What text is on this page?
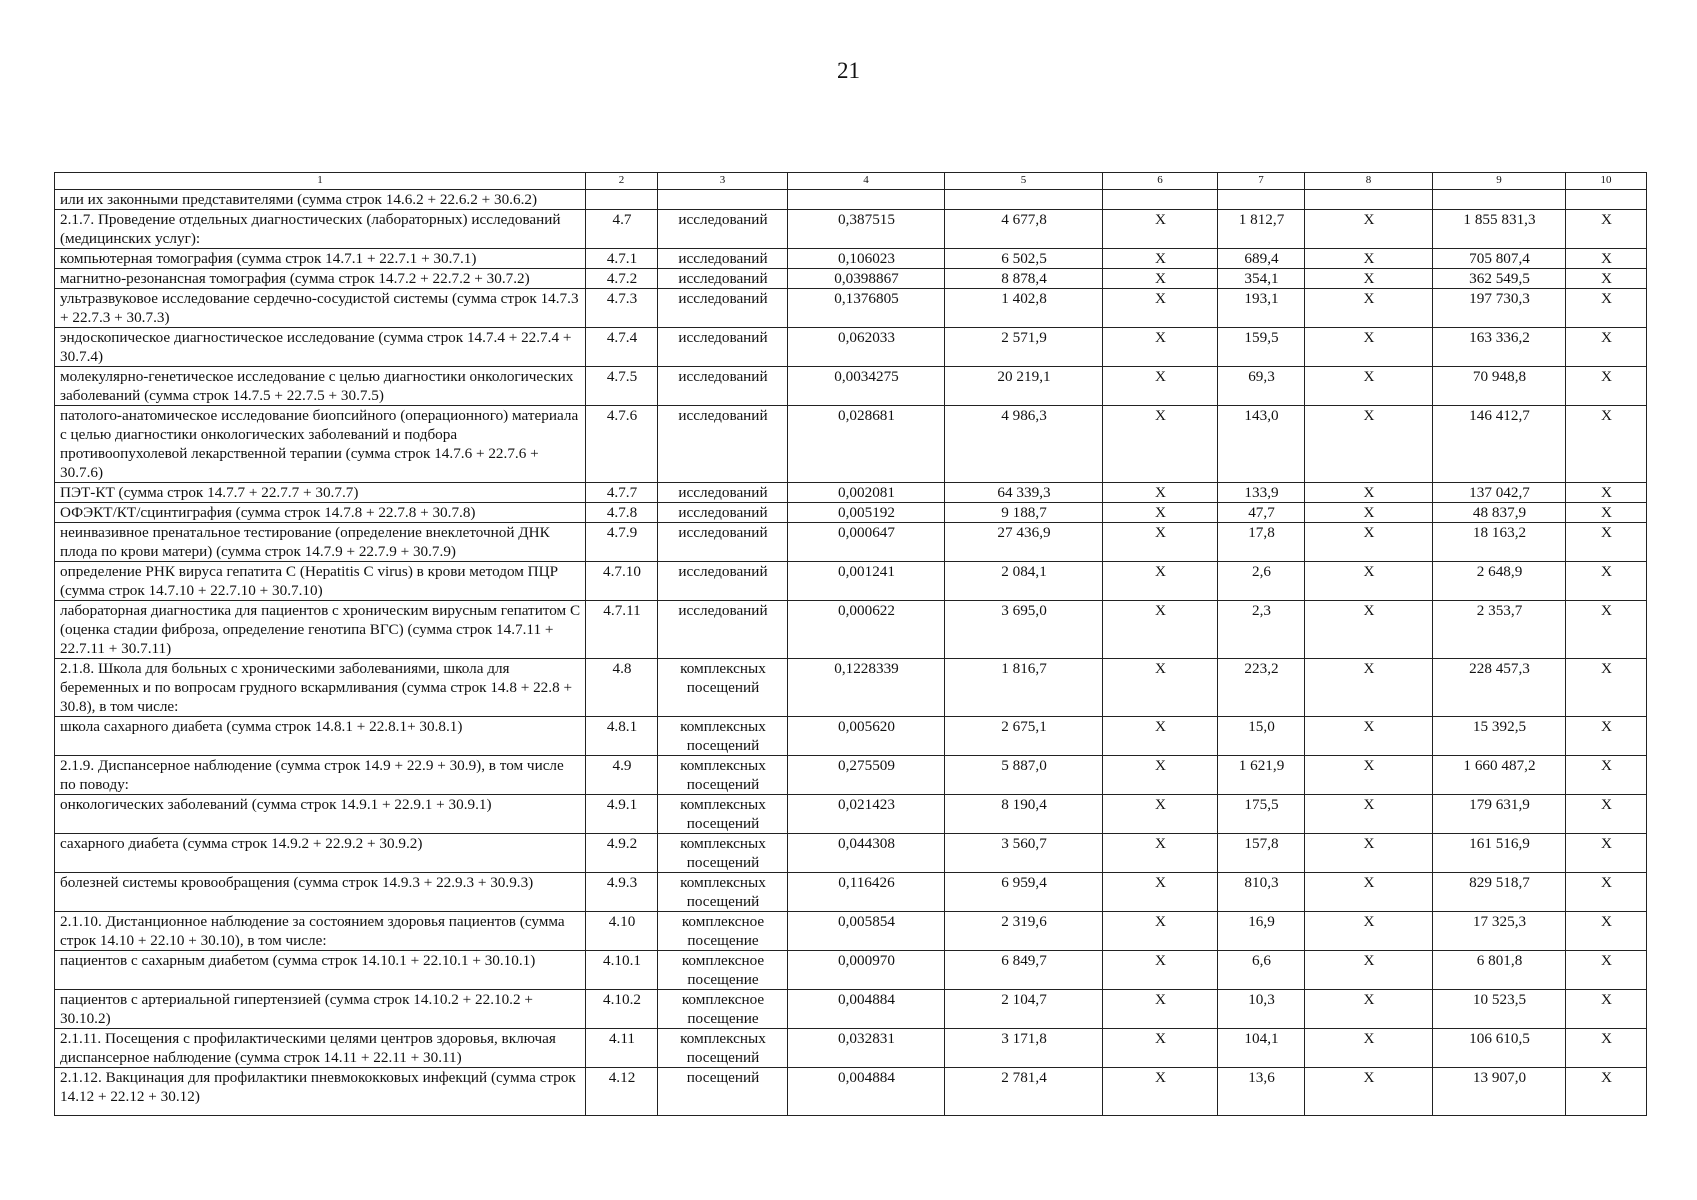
21
1	2	3	4	5	6	7	8	9	10
или их законными представителями (сумма строк 14.6.2 + 22.6.2 + 30.6.2)									
2.1.7. Проведение отдельных диагностических (лабораторных) исследований (медицинских услуг):	4.7	исследований	0,387515	4 677,8	Х	1 812,7	Х	1 855 831,3	Х
компьютерная томография (сумма строк 14.7.1 + 22.7.1 + 30.7.1)	4.7.1	исследований	0,106023	6 502,5	Х	689,4	Х	705 807,4	Х
магнитно-резонансная томография (сумма строк 14.7.2 + 22.7.2 + 30.7.2)	4.7.2	исследований	0,0398867	8 878,4	Х	354,1	Х	362 549,5	Х
ультразвуковое исследование сердечно-сосудистой системы (сумма строк 14.7.3 + 22.7.3 + 30.7.3)	4.7.3	исследований	0,1376805	1 402,8	Х	193,1	Х	197 730,3	Х
эндоскопическое диагностическое исследование (сумма строк 14.7.4 + 22.7.4 + 30.7.4)	4.7.4	исследований	0,062033	2 571,9	Х	159,5	Х	163 336,2	Х
молекулярно-генетическое исследование с целью диагностики онкологических заболеваний (сумма строк 14.7.5 + 22.7.5 + 30.7.5)	4.7.5	исследований	0,0034275	20 219,1	Х	69,3	Х	70 948,8	Х
патолого-анатомическое исследование биопсийного (операционного) материала с целью диагностики онкологических заболеваний и подбора противоопухолевой лекарственной терапии (сумма строк 14.7.6 + 22.7.6 + 30.7.6)	4.7.6	исследований	0,028681	4 986,3	Х	143,0	Х	146 412,7	Х
ПЭТ-КТ (сумма строк 14.7.7 + 22.7.7 + 30.7.7)	4.7.7	исследований	0,002081	64 339,3	Х	133,9	Х	137 042,7	Х
ОФЭКТ/КТ/сцинтиграфия (сумма строк 14.7.8 + 22.7.8 + 30.7.8)	4.7.8	исследований	0,005192	9 188,7	Х	47,7	Х	48 837,9	Х
неинвазивное пренатальное тестирование (определение внеклеточной ДНК плода по крови матери) (сумма строк 14.7.9 + 22.7.9 + 30.7.9)	4.7.9	исследований	0,000647	27 436,9	Х	17,8	Х	18 163,2	Х
определение РНК вируса гепатита С (Hepatitis C virus) в крови методом ПЦР (сумма строк 14.7.10 + 22.7.10 + 30.7.10)	4.7.10	исследований	0,001241	2 084,1	Х	2,6	Х	2 648,9	Х
лабораторная диагностика для пациентов с хроническим вирусным гепатитом С (оценка стадии фиброза, определение генотипа ВГС) (сумма строк 14.7.11 + 22.7.11 + 30.7.11)	4.7.11	исследований	0,000622	3 695,0	Х	2,3	Х	2 353,7	Х
2.1.8. Школа для больных с хроническими заболеваниями, школа для беременных и по вопросам грудного вскармливания (сумма строк 14.8 + 22.8 + 30.8), в том числе:	4.8	комплексных посещений	0,1228339	1 816,7	Х	223,2	Х	228 457,3	Х
школа сахарного диабета (сумма строк 14.8.1 + 22.8.1+ 30.8.1)	4.8.1	комплексных посещений	0,005620	2 675,1	Х	15,0	Х	15 392,5	Х
2.1.9. Диспансерное наблюдение (сумма строк 14.9 + 22.9 + 30.9), в том числе по поводу:	4.9	комплексных посещений	0,275509	5 887,0	Х	1 621,9	Х	1 660 487,2	Х
онкологических заболеваний (сумма строк 14.9.1 + 22.9.1 + 30.9.1)	4.9.1	комплексных посещений	0,021423	8 190,4	Х	175,5	Х	179 631,9	Х
сахарного диабета (сумма строк 14.9.2 + 22.9.2 + 30.9.2)	4.9.2	комплексных посещений	0,044308	3 560,7	Х	157,8	Х	161 516,9	Х
болезней системы кровообращения (сумма строк 14.9.3 + 22.9.3 + 30.9.3)	4.9.3	комплексных посещений	0,116426	6 959,4	Х	810,3	Х	829 518,7	Х
2.1.10. Дистанционное наблюдение за состоянием здоровья пациентов (сумма строк 14.10 + 22.10 + 30.10), в том числе:	4.10	комплексное посещение	0,005854	2 319,6	Х	16,9	Х	17 325,3	Х
пациентов с сахарным диабетом (сумма строк 14.10.1 + 22.10.1 + 30.10.1)	4.10.1	комплексное посещение	0,000970	6 849,7	Х	6,6	Х	6 801,8	Х
пациентов с артериальной гипертензией (сумма строк 14.10.2 + 22.10.2 + 30.10.2)	4.10.2	комплексное посещение	0,004884	2 104,7	Х	10,3	Х	10 523,5	Х
2.1.11. Посещения с профилактическими целями центров здоровья, включая диспансерное наблюдение (сумма строк 14.11 + 22.11 + 30.11)	4.11	комплексных посещений	0,032831	3 171,8	Х	104,1	Х	106 610,5	Х
2.1.12. Вакцинация для профилактики пневмококковых инфекций (сумма строк 14.12 + 22.12 + 30.12)	4.12	посещений	0,004884	2 781,4	Х	13,6	Х	13 907,0	Х
